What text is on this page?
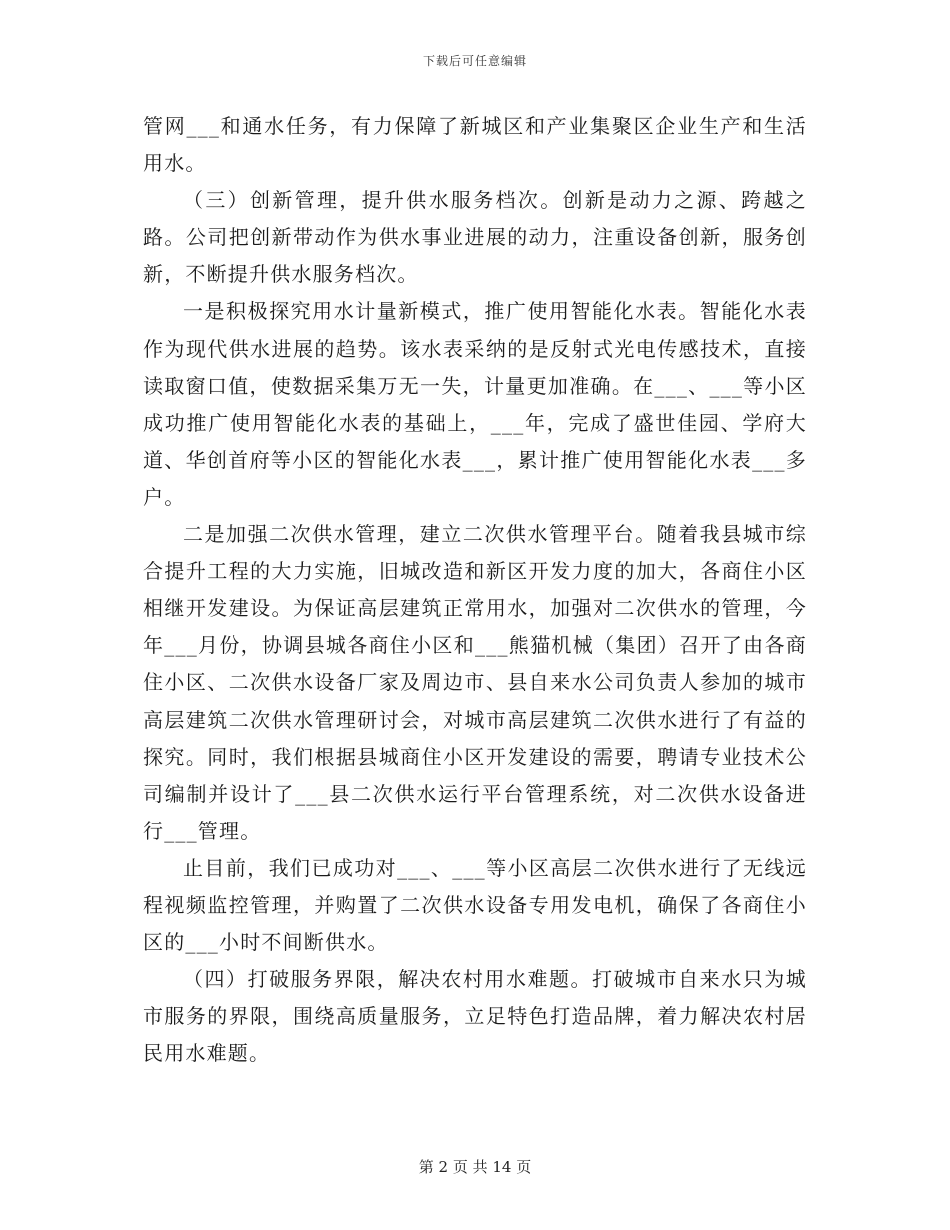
下载后可任意编辑

管网___和通水任务，有力保障了新城区和产业集聚区企业生产和生活用水。

（三）创新管理，提升供水服务档次。创新是动力之源、跨越之路。公司把创新带动作为供水事业进展的动力，注重设备创新，服务创新，不断提升供水服务档次。

一是积极探究用水计量新模式，推广使用智能化水表。智能化水表作为现代供水进展的趋势。该水表采纳的是反射式光电传感技术，直接读取窗口值，使数据采集万无一失，计量更加准确。在___、___等小区成功推广使用智能化水表的基础上，___年，完成了盛世佳园、学府大道、华创首府等小区的智能化水表___，累计推广使用智能化水表___多户。

二是加强二次供水管理，建立二次供水管理平台。随着我县城市综合提升工程的大力实施，旧城改造和新区开发力度的加大，各商住小区相继开发建设。为保证高层建筑正常用水，加强对二次供水的管理，今年___月份，协调县城各商住小区和___熊猫机械（集团）召开了由各商住小区、二次供水设备厂家及周边市、县自来水公司负责人参加的城市高层建筑二次供水管理研讨会，对城市高层建筑二次供水进行了有益的探究。同时，我们根据县城商住小区开发建设的需要，聘请专业技术公司编制并设计了___县二次供水运行平台管理系统，对二次供水设备进行___管理。

止目前，我们已成功对___、___等小区高层二次供水进行了无线远程视频监控管理，并购置了二次供水设备专用发电机，确保了各商住小区的___小时不间断供水。

（四）打破服务界限，解决农村用水难题。打破城市自来水只为城市服务的界限，围绕高质量服务，立足特色打造品牌，着力解决农村居民用水难题。

第 2 页 共 14 页
